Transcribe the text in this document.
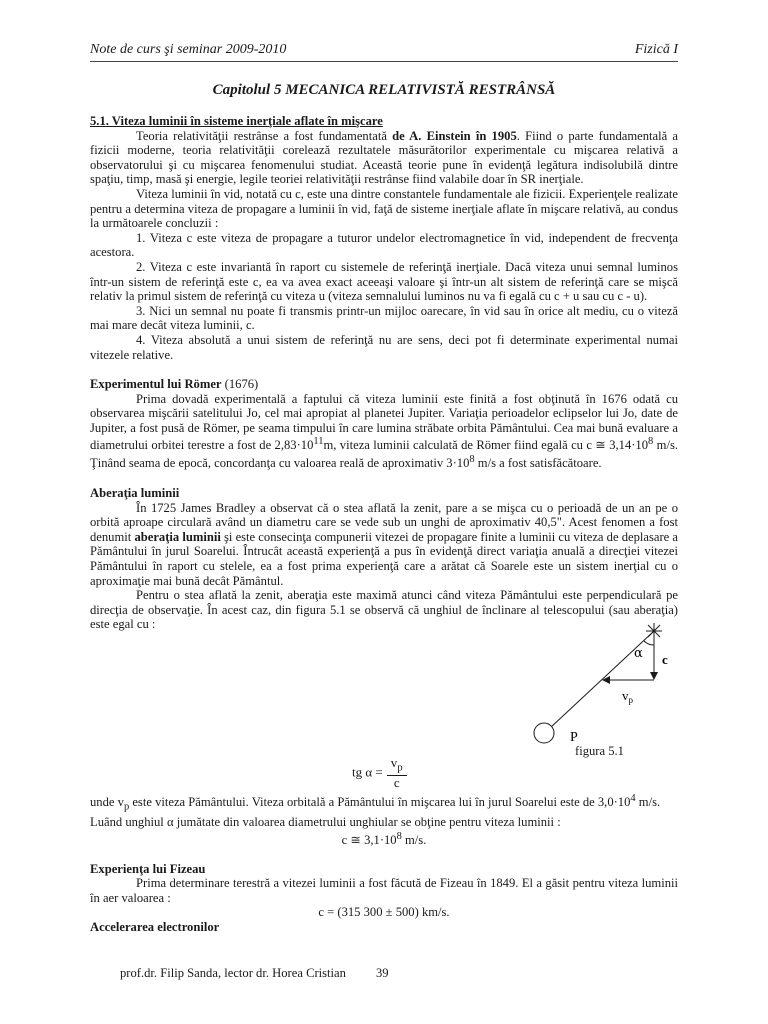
Note de curs şi seminar 2009-2010	Fizică I
Capitolul 5 MECANICA RELATIVISTĂ RESTRÂNSĂ
5.1. Viteza luminii în sisteme inerţiale aflate în mişcare

Teoria relativităţii restrânse a fost fundamentată de A. Einstein în 1905. Fiind o parte fundamentală a fizicii moderne, teoria relativităţii corelează rezultatele măsurătorilor experimentale cu mişcarea relativă a observatorului şi cu mişcarea fenomenului studiat. Această teorie pune în evidenţă legătura indisolubilă dintre spaţiu, timp, masă şi energie, legile teoriei relativităţii restrânse fiind valabile doar în SR inerţiale.

Viteza luminii în vid, notată cu c, este una dintre constantele fundamentale ale fizicii. Experienţele realizate pentru a determina viteza de propagare a luminii în vid, faţă de sisteme inerţiale aflate în mişcare relativă, au condus la următoarele concluzii :

1. Viteza c este viteza de propagare a tuturor undelor electromagnetice în vid, independent de frecvenţa acestora.

2. Viteza c este invariantă în raport cu sistemele de referinţă inerţiale. Dacă viteza unui semnal luminos într-un sistem de referinţă este c, ea va avea exact aceeaşi valoare şi într-un alt sistem de referinţă care se mişcă relativ la primul sistem de referinţă cu viteza u (viteza semnalului luminos nu va fi egală cu c + u sau cu c - u).

3. Nici un semnal nu poate fi transmis printr-un mijloc oarecare, în vid sau în orice alt mediu, cu o viteză mai mare decât viteza luminii, c.

4. Viteza absolută a unui sistem de referinţă nu are sens, deci pot fi determinate experimental numai vitezele relative.

Experimentul lui Römer (1676)

Prima dovadă experimentală a faptului că viteza luminii este finită a fost obţinută în 1676 odată cu observarea mişcării satelitului Jo, cel mai apropiat al planetei Jupiter. Variaţia perioadelor eclipselor lui Jo, date de Jupiter, a fost pusă de Römer, pe seama timpului în care lumina străbate orbita Pământului. Cea mai bună evaluare a diametrului orbitei terestre a fost de $2,83\cdot 10^{11}m$, viteza luminii calculată de Römer fiind egală cu c ≅ $3,14\cdot 10^8$ m/s. Ţinând seama de epocă, concordanţa cu valoarea reală de aproximativ $3\cdot 10^8$ m/s a fost satisfăcătoare.

Aberaţia luminii

În 1725 James Bradley a observat că o stea aflată la zenit, pare a se mişca cu o perioadă de un an pe o orbită aproape circulară având un diametru care se vede sub un unghi de aproximativ 40,5". Acest fenomen a fost denumit aberaţia luminii şi este consecinţa compunerii vitezei de propagare finite a luminii cu viteza de deplasare a Pământului în jurul Soarelui. Întrucât această experienţă a pus în evidenţă direct variaţia anuală a direcţiei vitezei Pământului în raport cu stelele, ea a fost prima experienţă care a arătat că Soarele este un sistem inerţial cu o aproximaţie mai bună decât Pământul.

Pentru o stea aflată la zenit, aberaţia este maximă atunci când viteza Pământului este perpendiculară pe direcţia de observaţie. În acest caz, din figura 5.1 se observă că unghiul de înclinare al telescopului (sau aberaţia) este egal cu :

α c
$v_p$
P
figura 5.1
tg $\alpha = \frac{v_p}{c}$

unde $v_p$ este viteza Pământului. Viteza orbitală a Pământului în mişcarea lui în jurul Soarelui este de $3,0\cdot 10^4$ m/s.

Luând unghiul α jumătate din valoarea diametrului unghiular se obţine pentru viteza luminii :

c ≅ $3,1\cdot 10^8$ m/s.

Experienţa lui Fizeau

Prima determinare terestră a vitezei luminii a fost făcută de Fizeau în 1849. El a găsit pentru viteza luminii în aer valoarea :

c = (315 300 ± 500) km/s.

Accelerarea electronilor
prof.dr. Filip Sanda, lector dr. Horea Cristian 39
